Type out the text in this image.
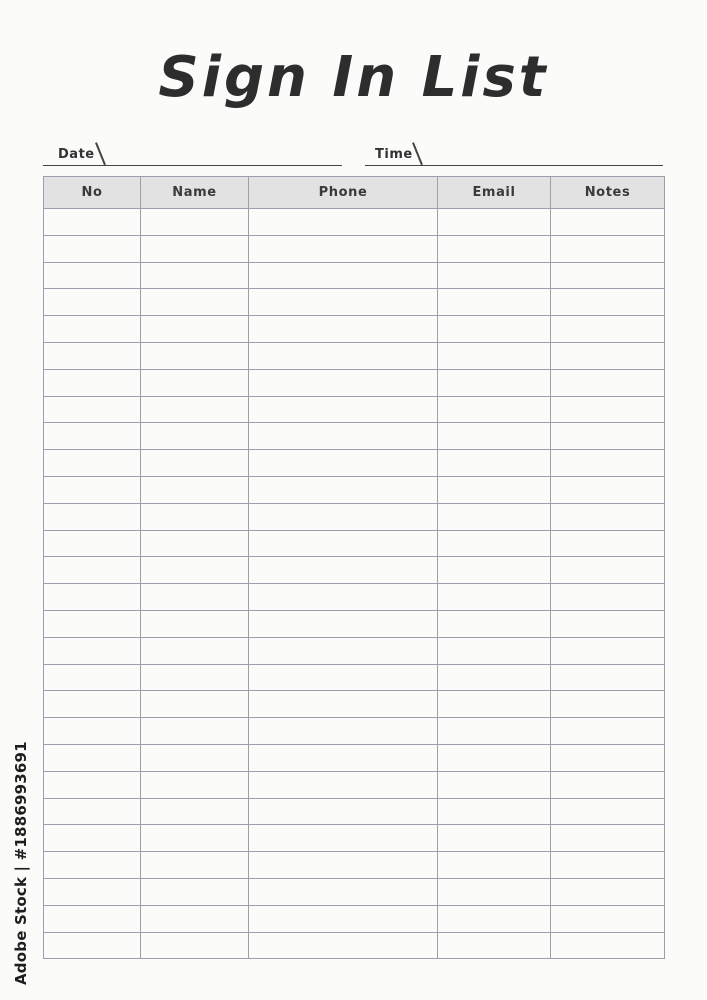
Sign In List
Date	Time
No	Name	Phone	Email	Notes

Adobe Stock | #1886993691
